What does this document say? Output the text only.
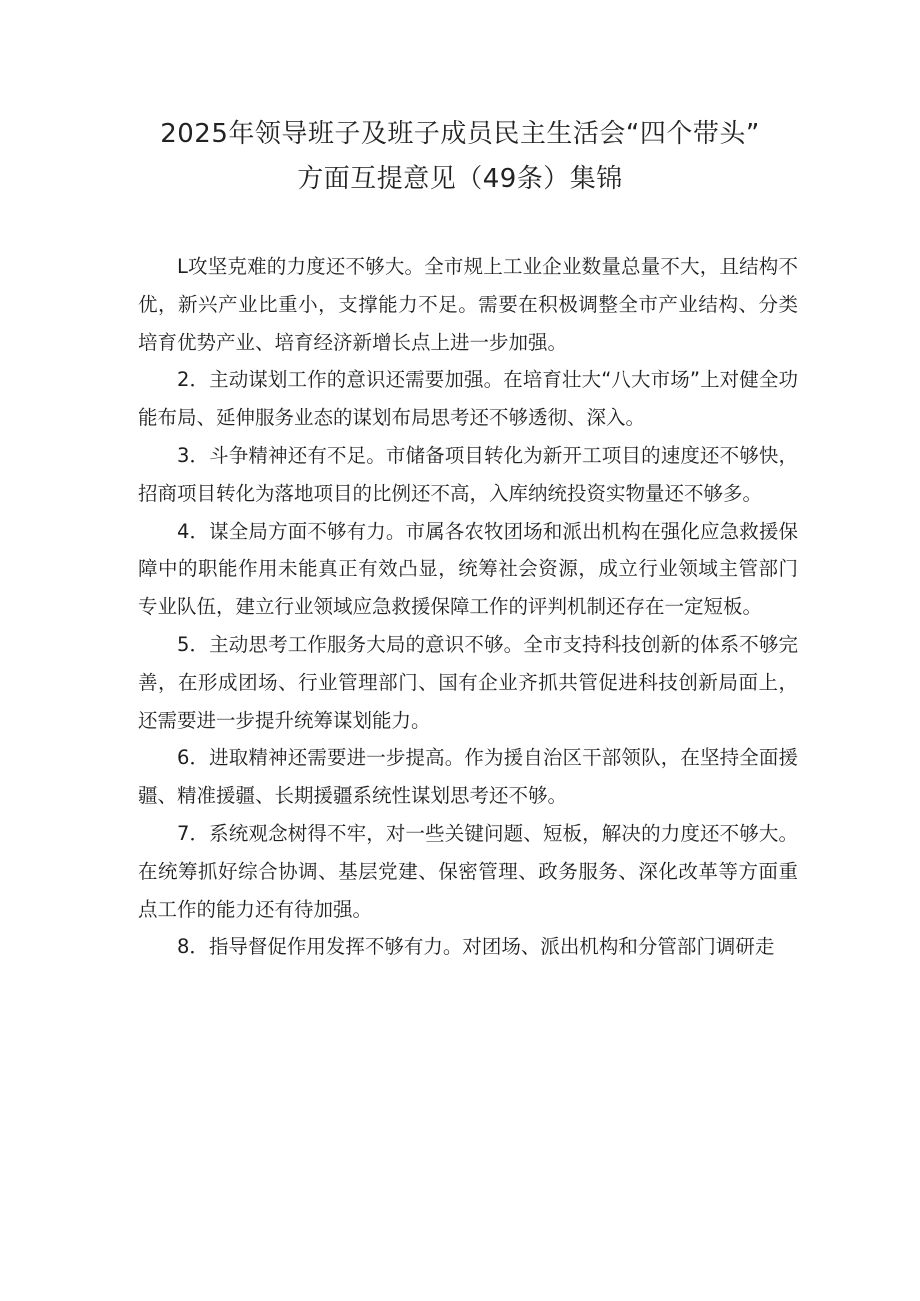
2025年领导班子及班子成员民主生活会“四个带头”
方面互提意见（49条）集锦

L攻坚克难的力度还不够大。全市规上工业企业数量总量不大，且结构不优，新兴产业比重小，支撑能力不足。需要在积极调整全市产业结构、分类培育优势产业、培育经济新增长点上进一步加强。

2．主动谋划工作的意识还需要加强。在培育壮大“八大市场”上对健全功能布局、延伸服务业态的谋划布局思考还不够透彻、深入。

3．斗争精神还有不足。市储备项目转化为新开工项目的速度还不够快，招商项目转化为落地项目的比例还不高，入库纳统投资实物量还不够多。

4．谋全局方面不够有力。市属各农牧团场和派出机构在强化应急救援保障中的职能作用未能真正有效凸显，统筹社会资源，成立行业领域主管部门专业队伍，建立行业领域应急救援保障工作的评判机制还存在一定短板。

5．主动思考工作服务大局的意识不够。全市支持科技创新的体系不够完善，在形成团场、行业管理部门、国有企业齐抓共管促进科技创新局面上，还需要进一步提升统筹谋划能力。

6．进取精神还需要进一步提高。作为援自治区干部领队，在坚持全面援疆、精准援疆、长期援疆系统性谋划思考还不够。

7．系统观念树得不牢，对一些关键问题、短板，解决的力度还不够大。在统筹抓好综合协调、基层党建、保密管理、政务服务、深化改革等方面重点工作的能力还有待加强。

8．指导督促作用发挥不够有力。对团场、派出机构和分管部门调研走
